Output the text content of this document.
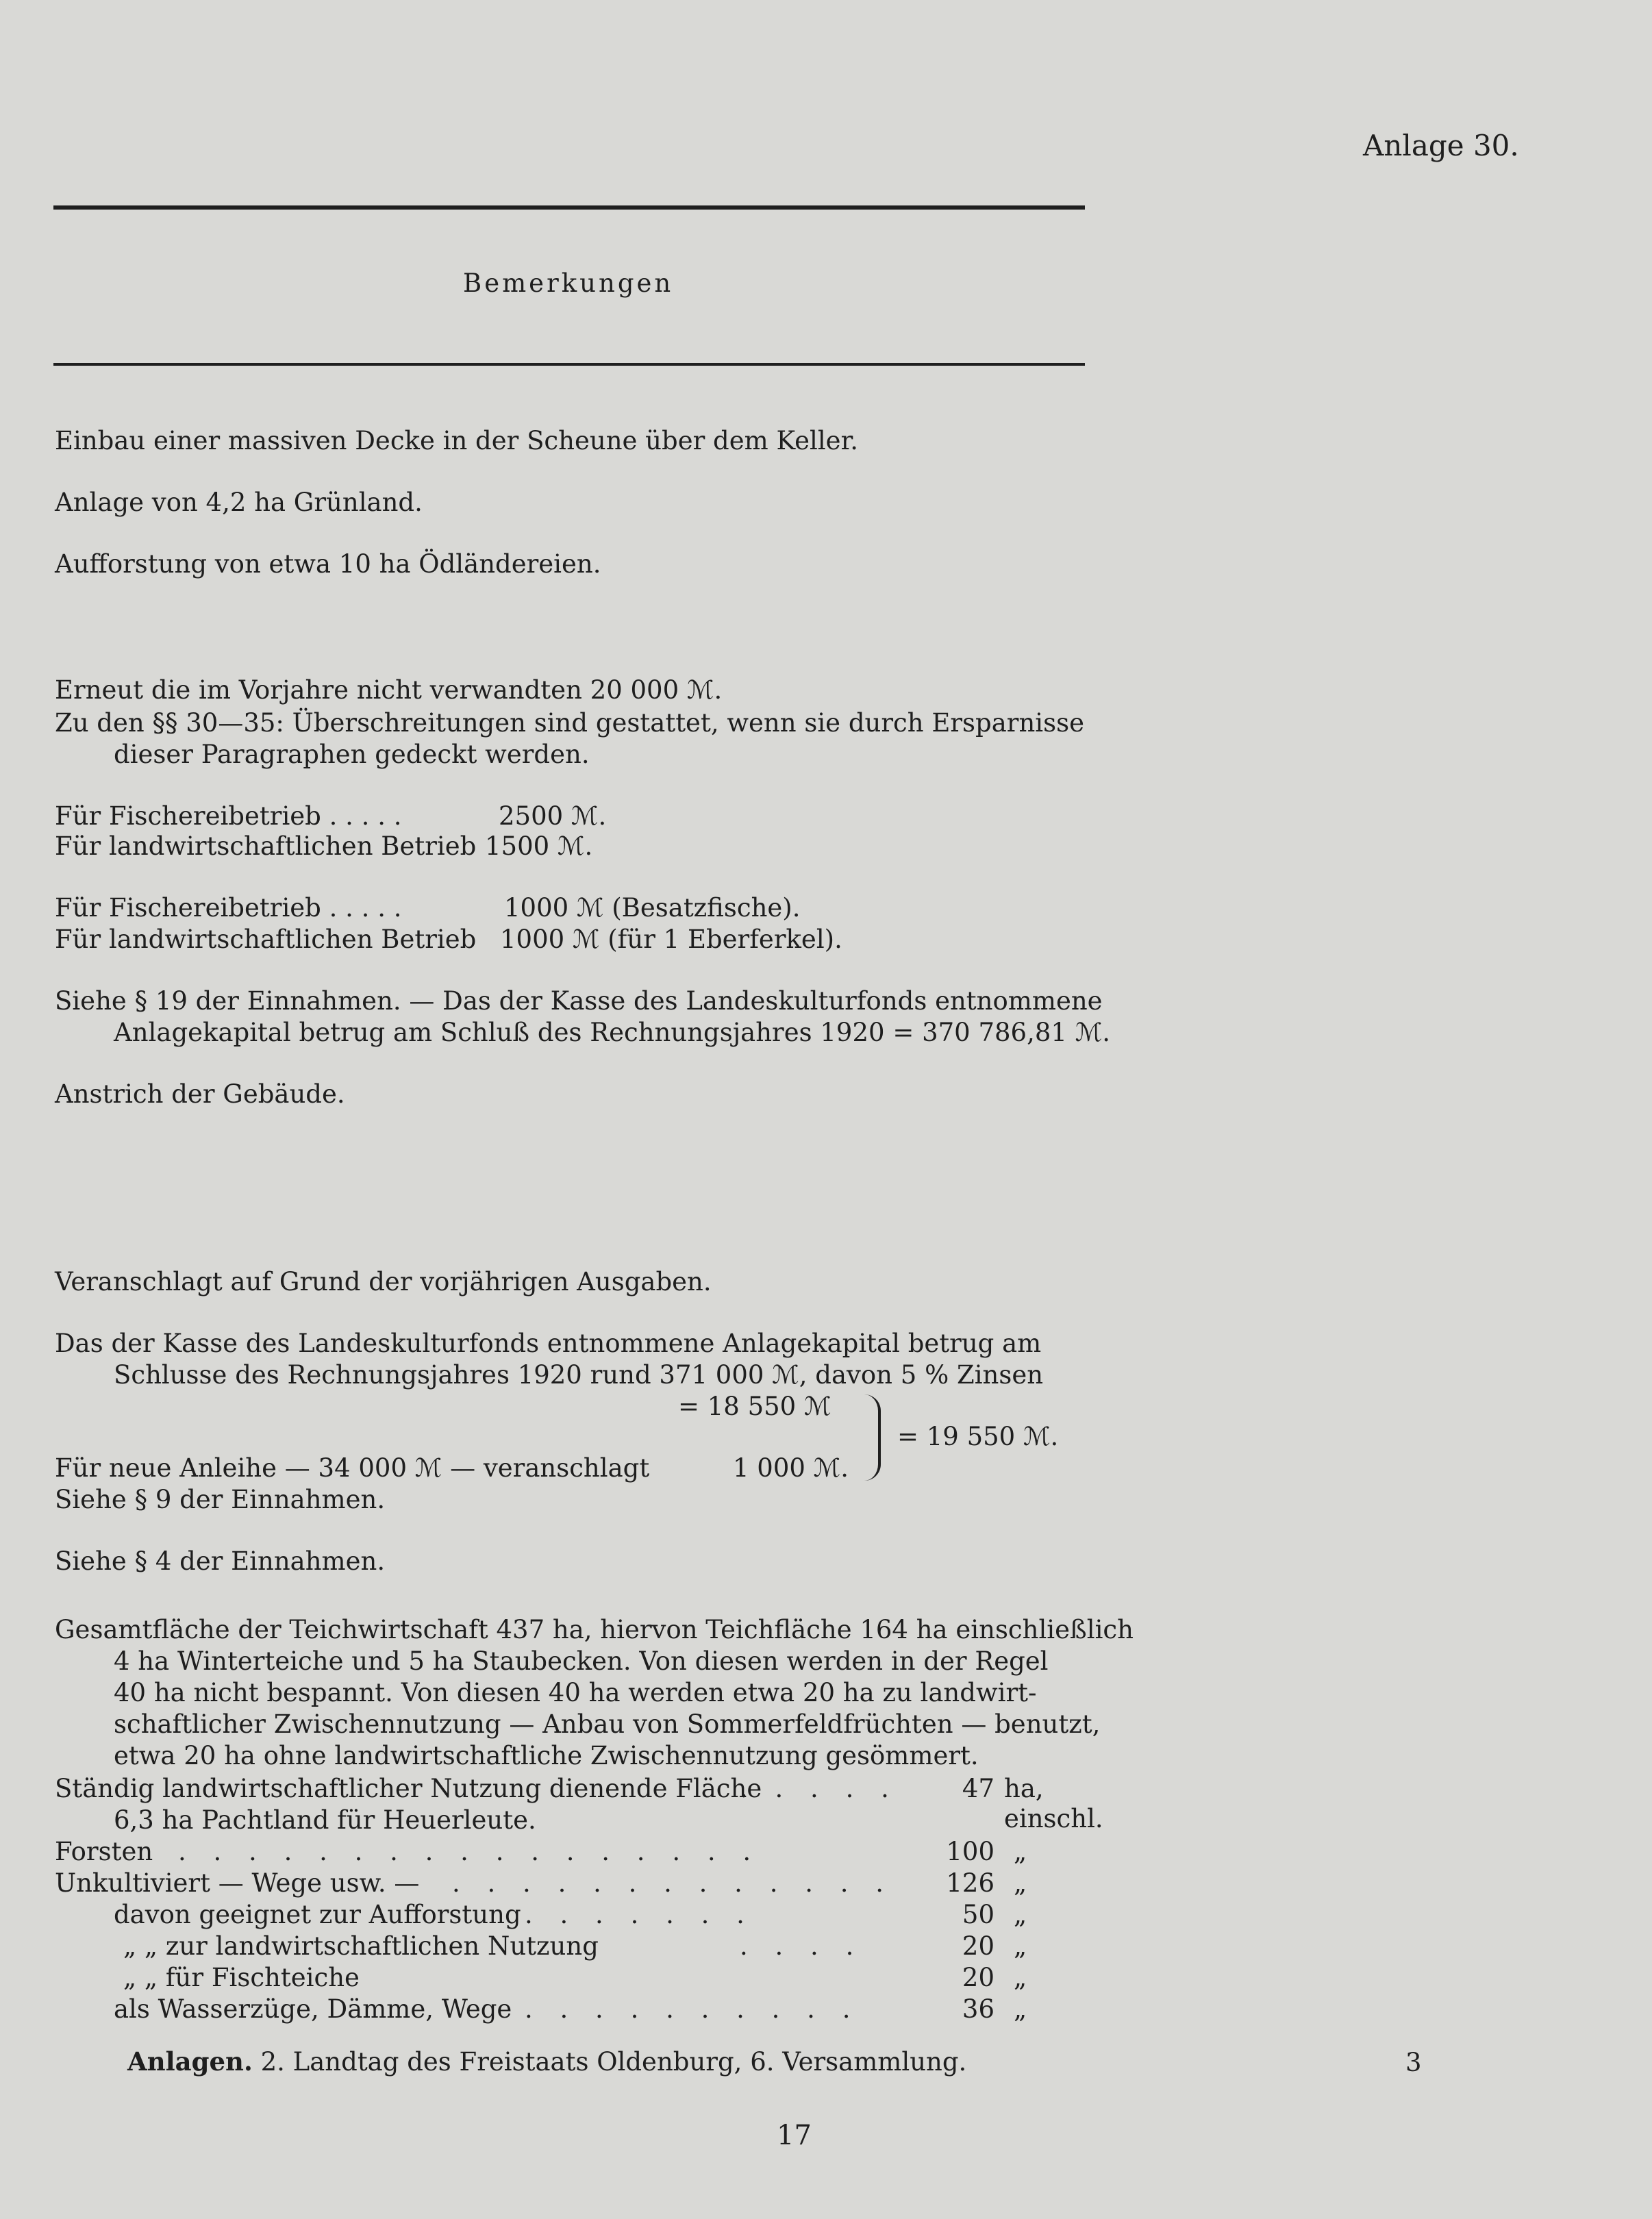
Anlage 30.
Bemerkungen
Einbau einer massiven Decke in der Scheune über dem Keller.
Anlage von 4,2 ha Grünland.
Aufforstung von etwa 10 ha Ödländereien.
Erneut die im Vorjahre nicht verwandten 20 000 ℳ.
Zu den §§ 30—35: Überschreitungen sind gestattet, wenn sie durch Ersparnisse
dieser Paragraphen gedeckt werden.
Für Fischereibetrieb . . . . .	2500 ℳ.
Für landwirtschaftlichen Betrieb 1500 ℳ.
Für Fischereibetrieb . . . . .	1000 ℳ (Besatzfische).
Für landwirtschaftlichen Betrieb 1000 ℳ (für 1 Eberferkel).
Siehe § 19 der Einnahmen. — Das der Kasse des Landeskulturfonds entnommene
Anlagekapital betrug am Schluß des Rechnungsjahres 1920 = 370 786,81 ℳ.
Anstrich der Gebäude.
Veranschlagt auf Grund der vorjährigen Ausgaben.
Das der Kasse des Landeskulturfonds entnommene Anlagekapital betrug am
Schlusse des Rechnungsjahres 1920 rund 371 000 ℳ, davon 5 % Zinsen
= 18 550 ℳ
Für neue Anleihe — 34 000 ℳ — veranschlagt	1 000 ℳ.
= 19 550 ℳ.
Siehe § 9 der Einnahmen.
Siehe § 4 der Einnahmen.
Gesamtfläche der Teichwirtschaft 437 ha, hiervon Teichfläche 164 ha einschließlich
4 ha Winterteiche und 5 ha Staubecken. Von diesen werden in der Regel
40 ha nicht bespannt. Von diesen 40 ha werden etwa 20 ha zu landwirt-
schaftlicher Zwischennutzung — Anbau von Sommerfeldfrüchten — benutzt,
etwa 20 ha ohne landwirtschaftliche Zwischennutzung gesömmert.
Ständig landwirtschaftlicher Nutzung dienende Fläche
. . . . .	47 ha, einschl.
6,3 ha Pachtland für Heuerleute.
Forsten . . . . . . . . . . . . . . . . .	100 „
Unkultiviert — Wege usw. — . . . . . . . . . . . . .	126 „
davon geeignet zur Aufforstung . . . . . . .	50 „
„ „ zur landwirtschaftlichen Nutzung	. . . .	20 „
„ „ für Fischteiche	20 „
als Wasserzüge, Dämme, Wege . . . . . . . . . .	36 „
Anlagen. 2. Landtag des Freistaats Oldenburg, 6. Versammlung.	3
17
